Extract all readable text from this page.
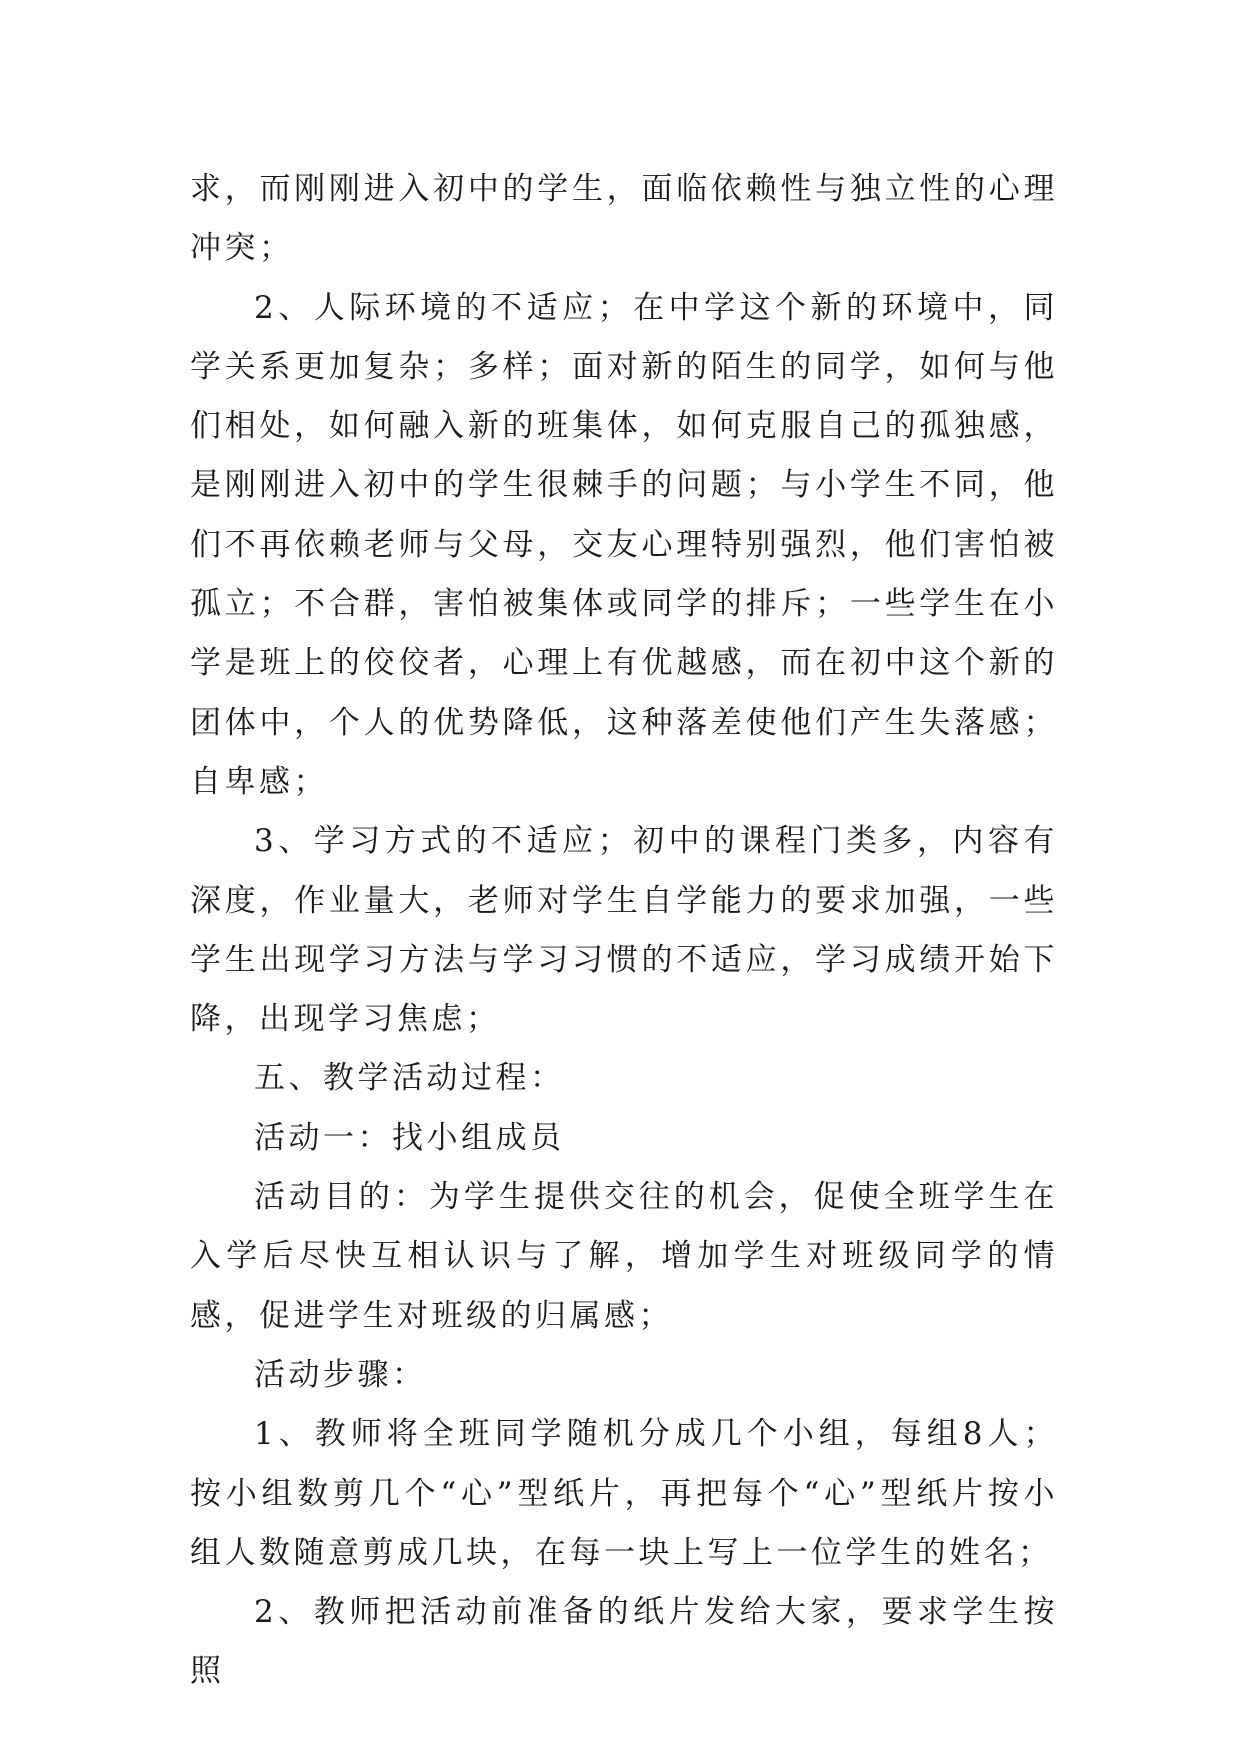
求，而刚刚进入初中的学生，面临依赖性与独立性的心理冲突；

2、人际环境的不适应；在中学这个新的环境中，同学关系更加复杂；多样；面对新的陌生的同学，如何与他们相处，如何融入新的班集体，如何克服自己的孤独感，是刚刚进入初中的学生很棘手的问题；与小学生不同，他们不再依赖老师与父母，交友心理特别强烈，他们害怕被孤立；不合群，害怕被集体或同学的排斥；一些学生在小学是班上的佼佼者，心理上有优越感，而在初中这个新的团体中，个人的优势降低，这种落差使他们产生失落感；自卑感；

3、学习方式的不适应；初中的课程门类多，内容有深度，作业量大，老师对学生自学能力的要求加强，一些学生出现学习方法与学习习惯的不适应，学习成绩开始下降，出现学习焦虑；

五、教学活动过程：

活动一：找小组成员

活动目的：为学生提供交往的机会，促使全班学生在入学后尽快互相认识与了解，增加学生对班级同学的情感，促进学生对班级的归属感；

活动步骤：

1、教师将全班同学随机分成几个小组，每组8人；按小组数剪几个“心”型纸片，再把每个“心”型纸片按小组人数随意剪成几块，在每一块上写上一位学生的姓名；

2、教师把活动前准备的纸片发给大家，要求学生按照
